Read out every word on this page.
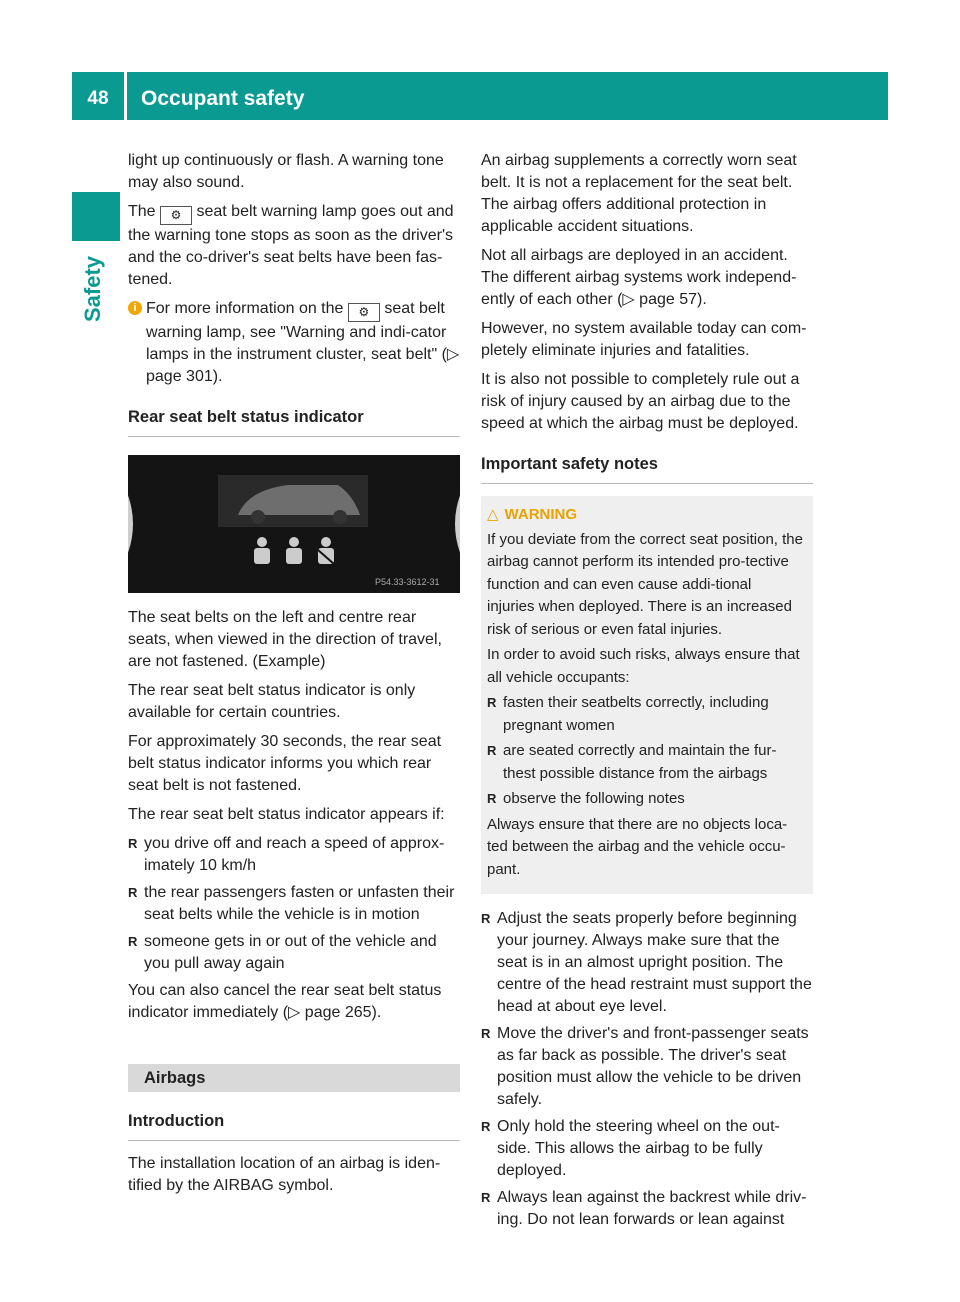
48	Occupant safety
Safety

light up continuously or flash. A warning tone may also sound.

The ⚙ seat belt warning lamp goes out and the warning tone stops as soon as the driver's and the co-driver's seat belts have been fas-tened.

i For more information on the ⚙ seat belt warning lamp, see "Warning and indi-cator lamps in the instrument cluster, seat belt" (▷ page 301).

Rear seat belt status indicator
P54.33-3612-31

The seat belts on the left and centre rear seats, when viewed in the direction of travel, are not fastened. (Example)

The rear seat belt status indicator is only available for certain countries.

For approximately 30 seconds, the rear seat belt status indicator informs you which rear seat belt is not fastened.

The rear seat belt status indicator appears if:

R you drive off and reach a speed of approx-imately 10 km/h
R the rear passengers fasten or unfasten their seat belts while the vehicle is in motion
R someone gets in or out of the vehicle and you pull away again

You can also cancel the rear seat belt status indicator immediately (▷ page 265).

Airbags
Introduction

The installation location of an airbag is iden-tified by the AIRBAG symbol.

An airbag supplements a correctly worn seat belt. It is not a replacement for the seat belt. The airbag offers additional protection in applicable accident situations.

Not all airbags are deployed in an accident. The different airbag systems work independ-ently of each other (▷ page 57).

However, no system available today can com-pletely eliminate injuries and fatalities.

It is also not possible to completely rule out a risk of injury caused by an airbag due to the speed at which the airbag must be deployed.

Important safety notes
△ WARNING

If you deviate from the correct seat position, the airbag cannot perform its intended pro-tective function and can even cause addi-tional injuries when deployed. There is an increased risk of serious or even fatal injuries.

In order to avoid such risks, always ensure that all vehicle occupants:

R fasten their seatbelts correctly, including pregnant women
R are seated correctly and maintain the fur-thest possible distance from the airbags
R observe the following notes

Always ensure that there are no objects loca-ted between the airbag and the vehicle occu-pant.

R Adjust the seats properly before beginning your journey. Always make sure that the seat is in an almost upright position. The centre of the head restraint must support the head at about eye level.
R Move the driver's and front-passenger seats as far back as possible. The driver's seat position must allow the vehicle to be driven safely.
R Only hold the steering wheel on the out-side. This allows the airbag to be fully deployed.
R Always lean against the backrest while driv-ing. Do not lean forwards or lean against
